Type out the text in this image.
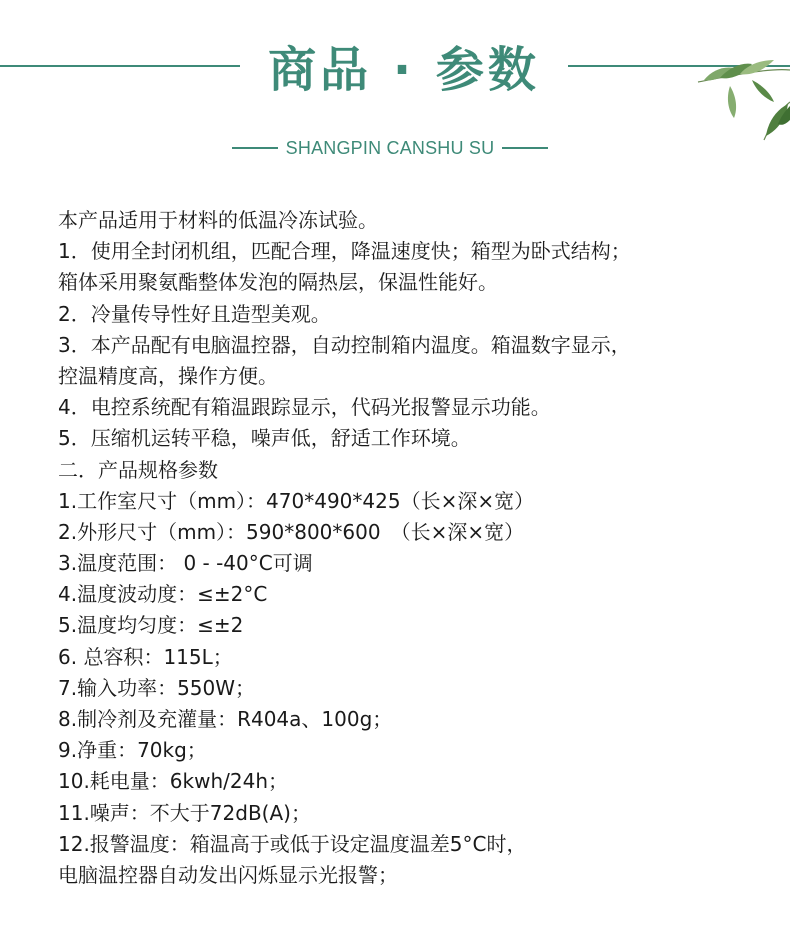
商品 · 参数
SHANGPIN CANSHU SU
本产品适用于材料的低温冷冻试验。
1．使用全封闭机组，匹配合理，降温速度快；箱型为卧式结构；
箱体采用聚氨酯整体发泡的隔热层，保温性能好。
2．冷量传导性好且造型美观。
3．本产品配有电脑温控器，自动控制箱内温度。箱温数字显示，
控温精度高，操作方便。
4．电控系统配有箱温跟踪显示，代码光报警显示功能。
5．压缩机运转平稳，噪声低，舒适工作环境。
二．产品规格参数
1.工作室尺寸（mm）：470*490*425（长×深×宽）
2.外形尺寸（mm）：590*800*600　（长×深×宽）
3.温度范围： 0 - -40°C可调
4.温度波动度：≤±2°C
5.温度均匀度：≤±2
6. 总容积：115L；
7.输入功率：550W；
8.制冷剂及充灌量：R404a、100g；
9.净重：70kg；
10.耗电量：6kwh/24h；
11.噪声：不大于72dB(A)；
12.报警温度：箱温高于或低于设定温度温差5°C时，
电脑温控器自动发出闪烁显示光报警；
